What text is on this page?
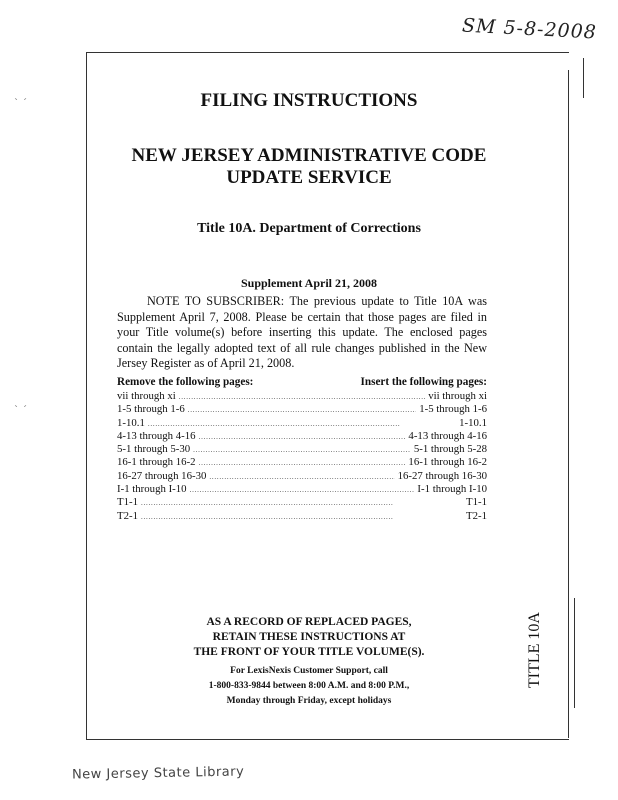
SM 5-8-2008
` ´
` ´
FILING INSTRUCTIONS
NEW JERSEY ADMINISTRATIVE CODE
UPDATE SERVICE
Title 10A. Department of Corrections
Supplement April 21, 2008

NOTE TO SUBSCRIBER: The previous update to Title 10A was Supplement April 7, 2008. Please be certain that those pages are filed in your Title volume(s) before inserting this update. The enclosed pages contain the legally adopted text of all rule changes published in the New Jersey Register as of April 21, 2008.

Remove the following pages:	Insert the following pages:
vii through xi . . .	vii through xi
1-5 through 1-6 . . .	1-5 through 1-6
1-10.1 . . .	1-10.1
4-13 through 4-16 . . .	4-13 through 4-16
5-1 through 5-30 . . .	5-1 through 5-28
16-1 through 16-2 . . .	16-1 through 16-2
16-27 through 16-30 . . .	16-27 through 16-30
I-1 through I-10 . . .	I-1 through I-10
T1-1 . . .	T1-1
T2-1 . . .	T2-1
AS A RECORD OF REPLACED PAGES,
RETAIN THESE INSTRUCTIONS AT
THE FRONT OF YOUR TITLE VOLUME(S).
For LexisNexis Customer Support, call
1-800-833-9844 between 8:00 A.M. and 8:00 P.M.,
Monday through Friday, except holidays
TITLE 10A
New Jersey State Library
